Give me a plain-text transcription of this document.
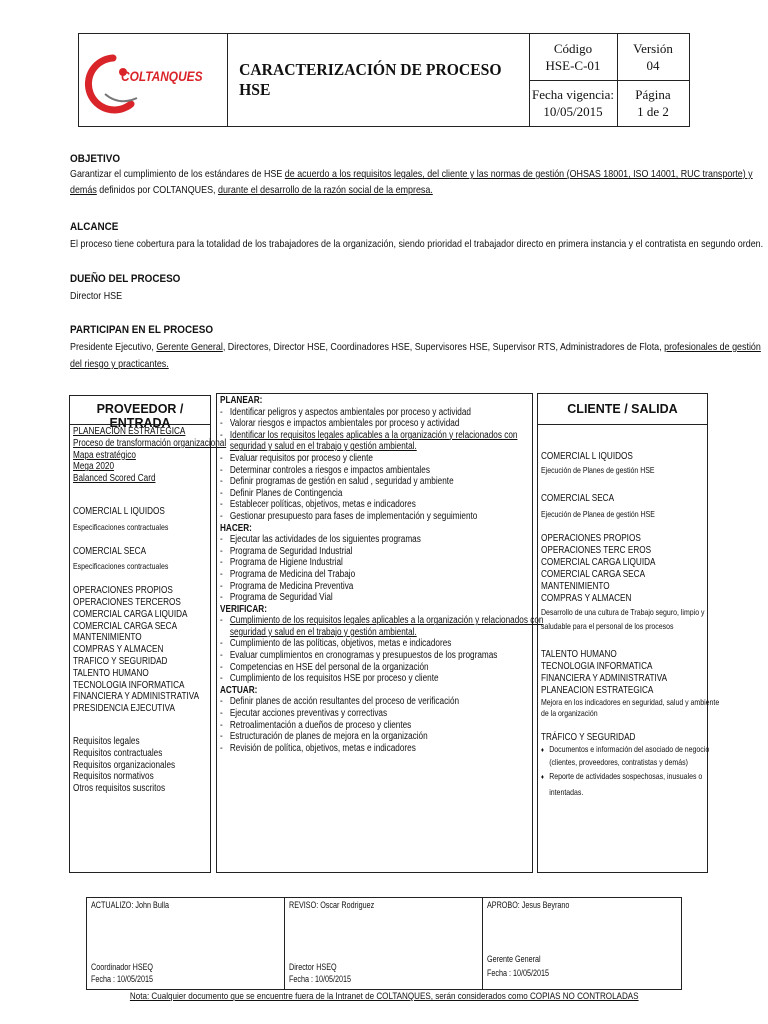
COLTANQUES CARACTERIZACIÓN DE PROCESO HSE
Código
HSE-C-01
Versión
04
Fecha vigencia:
10/05/2015
Página
1 de 2
OBJETIVO
Garantizar el cumplimiento de los estándares de HSE de acuerdo a los requisitos legales, del cliente y las normas de gestión (OHSAS 18001, ISO 14001, RUC transporte) y
demás definidos por COLTANQUES, durante el desarrollo de la razón social de la empresa.
ALCANCE
El proceso tiene cobertura para la totalidad de los trabajadores de la organización, siendo prioridad el trabajador directo en primera instancia y el contratista en segundo orden.
DUEÑO DEL PROCESO
Director HSE
PARTICIPAN EN EL PROCESO
Presidente Ejecutivo, Gerente General, Directores, Director HSE, Coordinadores HSE, Supervisores HSE, Supervisor RTS, Administradores de Flota, profesionales de gestión
del riesgo y practicantes.
PROVEEDOR / ENTRADA
PLANEACION ESTRATEGICA
Proceso de transformación organizacional
Mapa estratégico
Mega 2020
Balanced Scored Card
COMERCIAL L IQUIDOS
Especificaciones contractuales
COMERCIAL SECA
Especificaciones contractuales
OPERACIONES PROPIOS
OPERACIONES TERCEROS
COMERCIAL CARGA LIQUIDA
COMERCIAL CARGA SECA
MANTENIMIENTO
COMPRAS Y ALMACEN
TRAFICO Y SEGURIDAD
TALENTO HUMANO
TECNOLOGIA INFORMATICA
FINANCIERA Y ADMINISTRATIVA
PRESIDENCIA EJECUTIVA
Requisitos legales
Requisitos contractuales
Requisitos organizacionales
Requisitos normativos
Otros requisitos suscritos
PLANEAR:
- Identificar peligros y aspectos ambientales por proceso y actividad
- Valorar riesgos e impactos ambientales por proceso y actividad
- Identificar los requisitos legales aplicables a la organización y relacionados con
seguridad y salud en el trabajo y gestión ambiental.
- Evaluar requisitos por proceso y cliente
- Determinar controles a riesgos e impactos ambientales
- Definir programas de gestión en salud , seguridad y ambiente
- Definir Planes de Contingencia
- Establecer políticas, objetivos, metas e indicadores
- Gestionar presupuesto para fases de implementación y seguimiento
HACER:
- Ejecutar las actividades de los siguientes programas
- Programa de Seguridad Industrial
- Programa de Higiene Industrial
- Programa de Medicina del Trabajo
- Programa de Medicina Preventiva
- Programa de Seguridad Vial
VERIFICAR:
- Cumplimiento de los requisitos legales aplicables a la organización y relacionados con
seguridad y salud en el trabajo y gestión ambiental.
- Cumplimiento de las políticas, objetivos, metas e indicadores
- Evaluar cumplimientos en cronogramas y presupuestos de los programas
- Competencias en HSE del personal de la organización
- Cumplimiento de los requisitos HSE por proceso y cliente
ACTUAR:
- Definir planes de acción resultantes del proceso de verificación
- Ejecutar acciones preventivas y correctivas
- Retroalimentación a dueños de proceso y clientes
- Estructuración de planes de mejora en la organización
- Revisión de política, objetivos, metas e indicadores
CLIENTE / SALIDA
COMERCIAL L IQUIDOS
Ejecución de Planes de gestión HSE
COMERCIAL SECA
Ejecución de Planea de gestión HSE
OPERACIONES PROPIOS
OPERACIONES TERC EROS
COMERCIAL CARGA LIQUIDA
COMERCIAL CARGA SECA
MANTENIMIENTO
COMPRAS Y ALMACEN
Desarrollo de una cultura de Trabajo seguro, limpio y
saludable para el personal de los procesos
TALENTO HUMANO
TECNOLOGIA INFORMATICA
FINANCIERA Y ADMINISTRATIVA
PLANEACION ESTRATEGICA
Mejora en los indicadores en seguridad, salud y ambiente
de la organización
TRÁFICO Y SEGURIDAD
♦ Documentos e información del asociado de negocio
(clientes, proveedores, contratistas y demás)
♦ Reporte de actividades sospechosas, inusuales o
intentadas.
ACTUALIZO: John Bulla
Coordinador HSEQ
Fecha : 10/05/2015
REVISO: Oscar Rodriguez
Director HSEQ
Fecha : 10/05/2015
APROBO: Jesus Beyrano
Gerente General
Fecha : 10/05/2015
Nota: Cualquier documento que se encuentre fuera de la Intranet de COLTANQUES, serán considerados como COPIAS NO CONTROLADAS
